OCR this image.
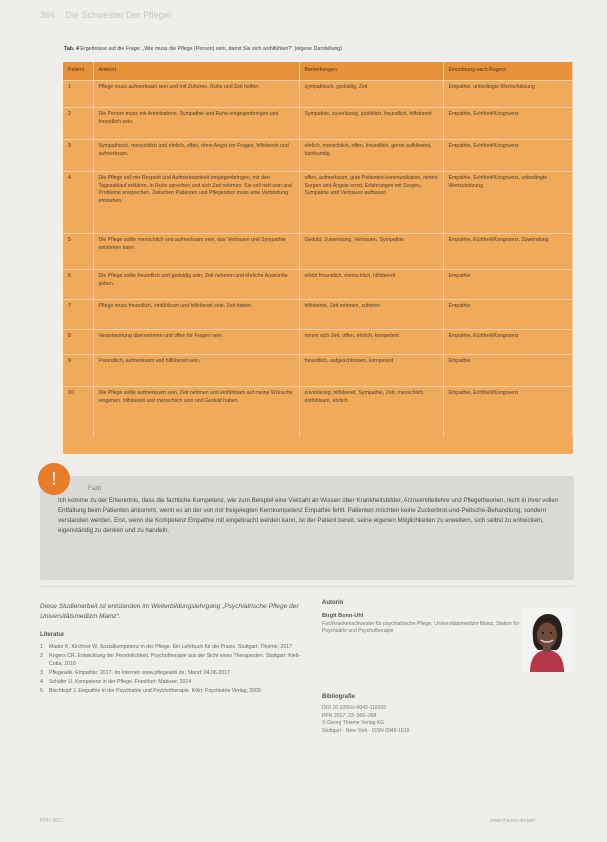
366 Die Schwester Der Pfleger
Tab. 4 Ergebnisse auf die Frage: „Wie muss die Pflege (Person) sein, damit Sie sich wohlfühlen?“ (eigene Darstellung)
Patient	Antwort	Bemerkungen	Einordnung nach Rogers
1	Pflege muss aufmerksam sein und mit Zuhören, Ruhe und Zeit helfen.	sympathisch, geduldig, Zeit	Empathie, unbedingte Wertschätzung
2	Die Person muss mir Anteilnahme, Sympathie und Ruhe entgegenbringen und freundlich sein.	Sympathie, zuverlässig, pünktlich, freundlich, hilfsbereit	Empathie, Echtheit/Kongruenz
3	Sympathisch, menschlich und ehrlich, offen, ohne Angst vor Fragen, hilfsbereit und aufmerksam.	ehrlich, menschlich, offen, freundlich, gerne aufklärend, fachkundig	Empathie, Echtheit/Kongruenz
4	Die Pflege soll mir Respekt und Aufmerksamkeit entgegenbringen, mir den Tagesablauf erklären, in Ruhe sprechen und sich Zeit nehmen. Sie soll nett sein und Probleme ansprechen. Zwischen Patienten und Pflegenden muss eine Verbindung entstehen.	offen, aufmerksam, gute Patienten-kommunikation, nimmt Sorgen und Ängste ernst, Erfahrungen mit Sorgen, Sympathie und Vertrauen aufbauen	Empathie, Echtheit/Kongruenz, unbedingte Wertschätzung
5	Die Pflege sollte menschlich und aufmerksam sein, das Vertrauen und Sympathie entstehen kann.	Geduld, Zuwendung, Vertrauen, Sympathie	Empathie, Echtheit/Kongruenz, Zuwendung
6	Die Pflege sollte freundlich und geduldig sein, Zeit nehmen und ehrliche Auskünfte geben.	erlebt freundlich, menschlich, hilfsbereit	Empathie
7	Pflege muss freundlich, einfühlsam und hilfsbereit sein, Zeit haben.	hilfsbereit, Zeit nehmen, zuhören	Empathie
8	Verantwortung übernehmen und offen für Fragen sein.	nimmt sich Zeit, offen, ehrlich, kompetent	Empathie, Echtheit/Kongruenz
9	Freundlich, aufmerksam und hilfsbereit sein.	freundlich, aufgeschlossen, kompetent	Empathie
10	Die Pflege sollte aufmerksam sein, Zeit nehmen und einfühlsam auf meine Wünsche eingehen, hilfsbereit und menschlich sein und Geduld haben.	zuverlässig, hilfsbereit, Sympathie, Zeit, menschlich, einfühlsam, ehrlich	Empathie, Echtheit/Kongruenz
Fazit

Ich komme zu der Erkenntnis, dass die fachliche Kompetenz, wie zum Beispiel eine Vielzahl an Wissen über Krankheitsbilder, Arzneimittellehre und Pflegetheorien, nicht in ihrer vollen Entfaltung beim Patienten ankommt, wenn es an der von mir freigelegten Kernkompetenz Empathie fehlt. Patienten möchten keine Zuckerbrot-und-Peitsche-Behandlung, sondern verstanden werden. Erst, wenn die Kompetenz Empathie mit eingebracht werden kann, ist der Patient bereit, seine eigenen Möglichkeiten zu erweitern, sich selbst zu entwickeln, eigenständig zu denken und zu handeln.

!
Diese Studienarbeit ist entstanden im Weiterbildungslehrgang „Psychiatrische Pflege der Universitätsmedizin Mainz“.
Literatur
1 Mader K, Kirchner W, Sozialkompetenz in der Pflege. Ein Lehrbuch für die Praxis. Stuttgart: Thieme; 2017
2 Rogers CR. Entwicklung der Persönlichkeit. Psychotherapie aus der Sicht eines Therapeuten. Stuttgart: Klett-Cotta; 2016
3 Pflegewiki. Empathie; 2017. Im Internet: www.pflegewiki.de; Stand: 04.06.2017
4 Schäfer U. Kompetenz in der Pflege. Frankfurt: Mabuse; 2014
5 Bischkopf J. Empathie in der Psychiatrie und Psychotherapie. Köln: Psychiatrie Verlag; 2009
Autorin
Birgit Bonn-Uhl
Fachkrankenschwester für psychiatrische Pflege, Universitätsmedizin Mainz, Station für Psychiatrie und Psychotherapie
Bibliografie
DOI 10.1055/s-0043-118310
PPH 2017; 23: 366–368
© Georg Thieme Verlag KG
Stuttgart · New York · ISSN 0949-1619
PPH 2017	www.thieme.de/pph
